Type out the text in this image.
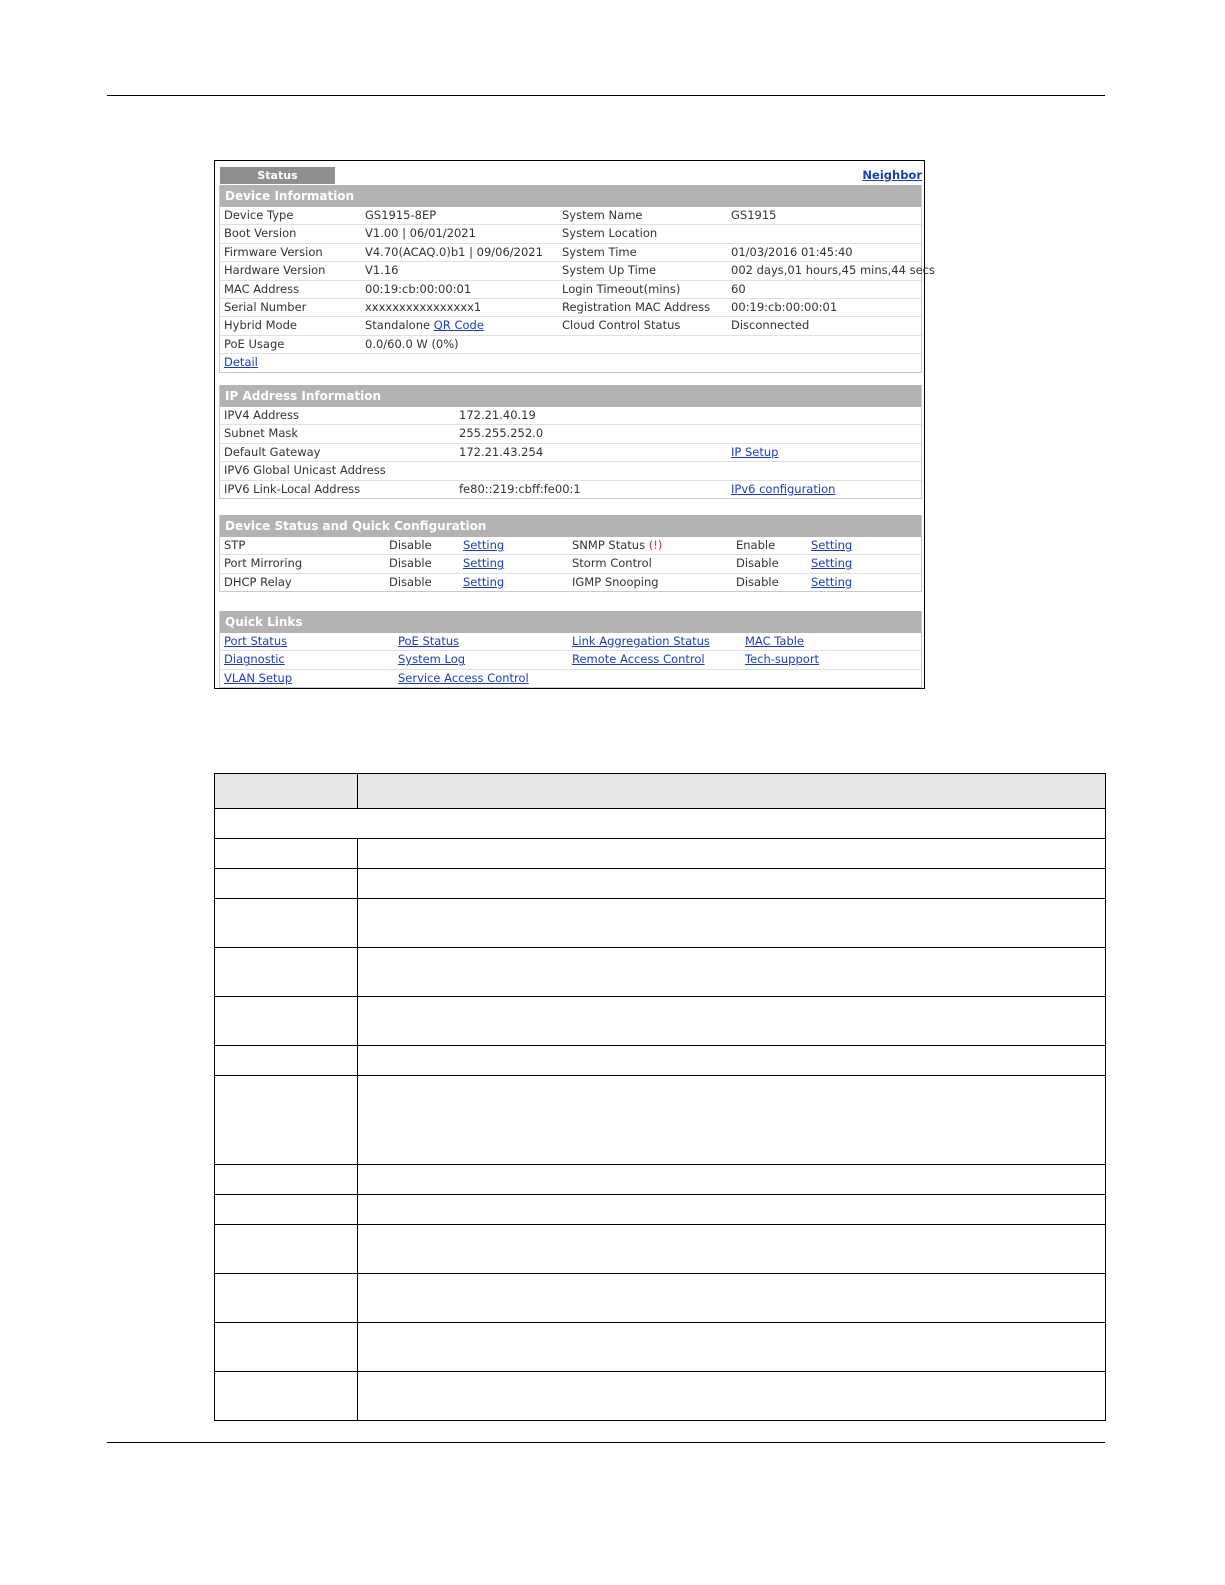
Status	Neighbor
Device Information
Device Type	GS1915-8EP	System Name	GS1915
Boot Version	V1.00 | 06/01/2021	System Location
Firmware Version	V4.70(ACAQ.0)b1 | 09/06/2021 System Time	01/03/2016 01:45:40
Hardware Version	V1.16	System Up Time	002 days,01 hours,45 mins,44 secs
MAC Address	00:19:cb:00:00:01	Login Timeout(mins)	60
Serial Number	xxxxxxxxxxxxxxxx1	Registration MAC Address 00:19:cb:00:00:01
Hybrid Mode	Standalone QR Code	Cloud Control Status	Disconnected
PoE Usage	0.0/60.0 W (0%)
Detail
IP Address Information
IPV4 Address	172.21.40.19
Subnet Mask	255.255.252.0
Default Gateway	172.21.43.254	IP Setup
IPV6 Global Unicast Address
IPV6 Link-Local Address	fe80::219:cbff:fe00:1	IPv6 configuration
Device Status and Quick Configuration
STP	Disable	Setting	SNMP Status (!)	Enable	Setting
Port Mirroring	Disable	Setting	Storm Control	Disable	Setting
DHCP Relay	Disable	Setting	IGMP Snooping	Disable	Setting
Quick Links
Port Status	PoE Status	Link Aggregation Status	MAC Table
Diagnostic	System Log	Remote Access Control	Tech-support
VLAN Setup	Service Access Control
